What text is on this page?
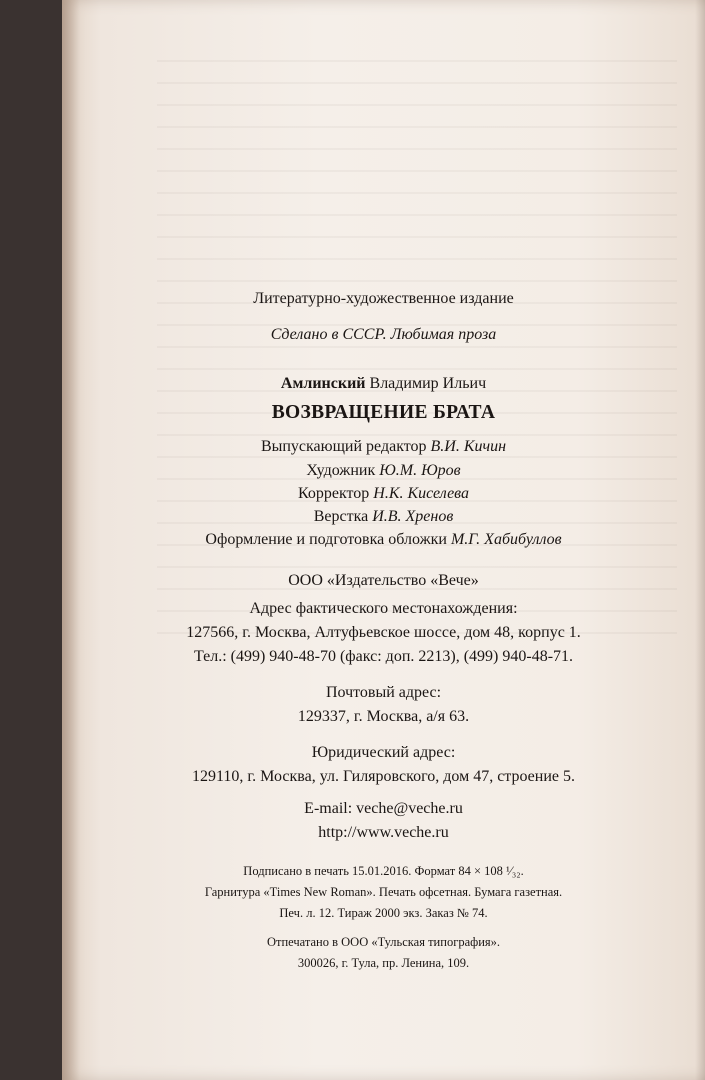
Литературно-художественное издание
Сделано в СССР. Любимая проза
Амлинский Владимир Ильич
ВОЗВРАЩЕНИЕ БРАТА
Выпускающий редактор В.И. Кичин
Художник Ю.М. Юров
Корректор Н.К. Киселева
Верстка И.В. Хренов
Оформление и подготовка обложки М.Г. Хабибуллов
ООО «Издательство «Вече»
Адрес фактического местонахождения:
127566, г. Москва, Алтуфьевское шоссе, дом 48, корпус 1.
Тел.: (499) 940-48-70 (факс: доп. 2213), (499) 940-48-71.
Почтовый адрес:
129337, г. Москва, а/я 63.
Юридический адрес:
129110, г. Москва, ул. Гиляровского, дом 47, строение 5.
E-mail: veche@veche.ru
http://www.veche.ru
Подписано в печать 15.01.2016. Формат 84 × 108 ¹⁄₃₂.
Гарнитура «Times New Roman». Печать офсетная. Бумага газетная.
Печ. л. 12. Тираж 2000 экз. Заказ № 74.
Отпечатано в ООО «Тульская типография».
300026, г. Тула, пр. Ленина, 109.
